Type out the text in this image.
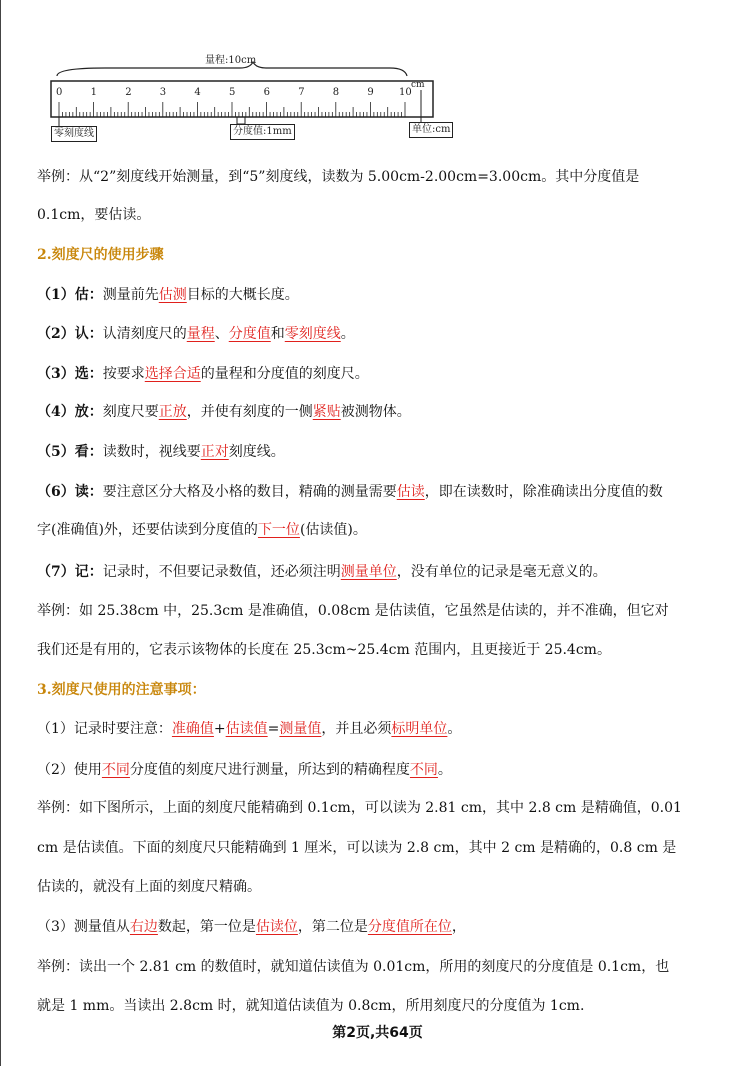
量程:10cm
cm
0	1	2	3	4	5	6	7	8	9	10
零刻度线	分度值:1mm	单位:cm
举例：从“2”刻度线开始测量，到“5”刻度线，读数为 5.00cm-2.00cm=3.00cm。其中分度值是
0.1cm，要估读。
2.刻度尺的使用步骤
（1）估：测量前先估测目标的大概长度。
（2）认：认清刻度尺的量程、分度值和零刻度线。
（3）选：按要求选择合适的量程和分度值的刻度尺。
（4）放：刻度尺要正放，并使有刻度的一侧紧贴被测物体。
（5）看：读数时，视线要正对刻度线。
（6）读：要注意区分大格及小格的数目，精确的测量需要估读，即在读数时，除准确读出分度值的数
字(准确值)外，还要估读到分度值的下一位(估读值)。
（7）记：记录时，不但要记录数值，还必须注明测量单位，没有单位的记录是毫无意义的。
举例：如 25.38cm 中，25.3cm 是准确值，0.08cm 是估读值，它虽然是估读的，并不准确，但它对
我们还是有用的，它表示该物体的长度在 25.3cm~25.4cm 范围内，且更接近于 25.4cm。
3.刻度尺使用的注意事项：
（1）记录时要注意：准确值+估读值=测量值，并且必须标明单位。
（2）使用不同分度值的刻度尺进行测量，所达到的精确程度不同。
举例：如下图所示，上面的刻度尺能精确到 0.1cm，可以读为 2.81 cm，其中 2.8 cm 是精确值，0.01
cm 是估读值。下面的刻度尺只能精确到 1 厘米，可以读为 2.8 cm，其中 2 cm 是精确的，0.8 cm 是
估读的，就没有上面的刻度尺精确。
（3）测量值从右边数起，第一位是估读位，第二位是分度值所在位，
举例：读出一个 2.81 cm 的数值时，就知道估读值为 0.01cm，所用的刻度尺的分度值是 0.1cm，也
就是 1 mm。当读出 2.8cm 时，就知道估读值为 0.8cm，所用刻度尺的分度值为 1cm.
第2页,共64页
